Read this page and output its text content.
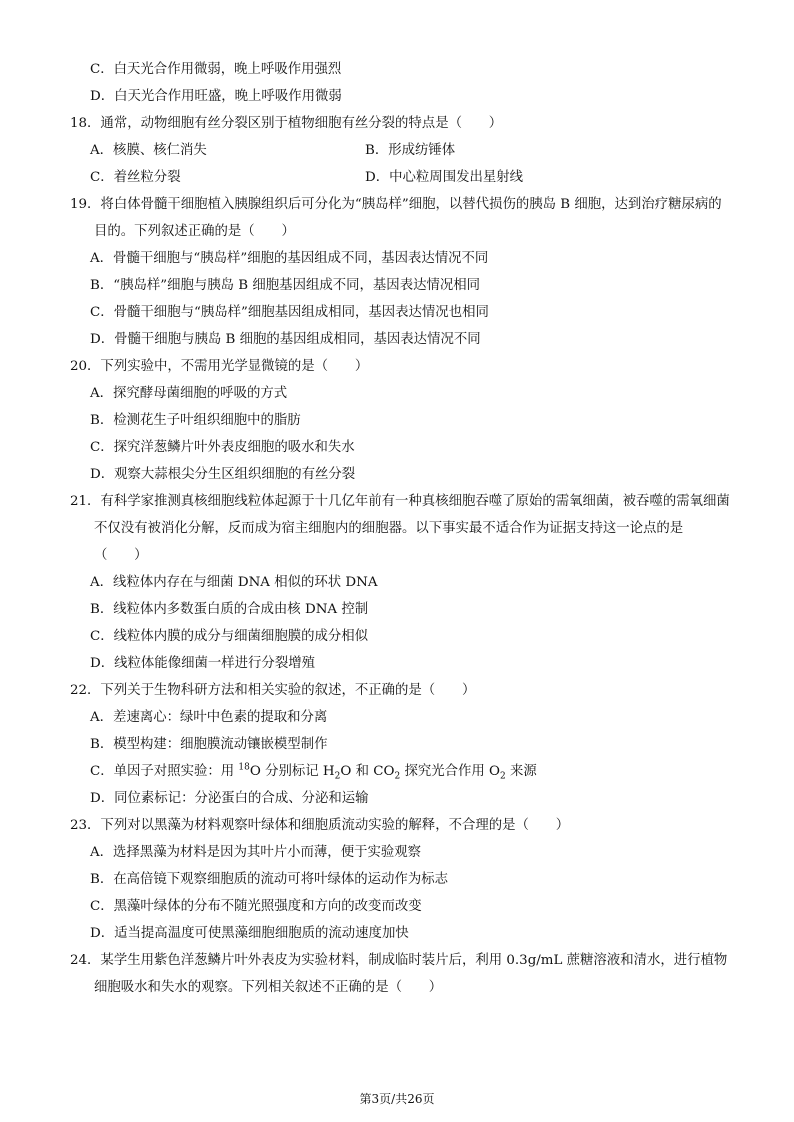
C．白天光合作用微弱，晚上呼吸作用强烈
D．白天光合作用旺盛，晚上呼吸作用微弱
18．通常，动物细胞有丝分裂区别于植物细胞有丝分裂的特点是（　　）
A．核膜、核仁消失	B．形成纺锤体
C．着丝粒分裂	D．中心粒周围发出星射线
19．将白体骨髓干细胞植入胰腺组织后可分化为“胰岛样”细胞，以替代损伤的胰岛 B 细胞，达到治疗糖尿病的目的。下列叙述正确的是（　　）
A．骨髓干细胞与“胰岛样”细胞的基因组成不同，基因表达情况不同
B．“胰岛样”细胞与胰岛 B 细胞基因组成不同，基因表达情况相同
C．骨髓干细胞与“胰岛样”细胞基因组成相同，基因表达情况也相同
D．骨髓干细胞与胰岛 B 细胞的基因组成相同，基因表达情况不同
20．下列实验中，不需用光学显微镜的是（　　）
A．探究酵母菌细胞的呼吸的方式
B．检测花生子叶组织细胞中的脂肪
C．探究洋葱鳞片叶外表皮细胞的吸水和失水
D．观察大蒜根尖分生区组织细胞的有丝分裂
21．有科学家推测真核细胞线粒体起源于十几亿年前有一种真核细胞吞噬了原始的需氧细菌，被吞噬的需氧细菌不仅没有被消化分解，反而成为宿主细胞内的细胞器。以下事实最不适合作为证据支持这一论点的是（　　）
A．线粒体内存在与细菌 DNA 相似的环状 DNA
B．线粒体内多数蛋白质的合成由核 DNA 控制
C．线粒体内膜的成分与细菌细胞膜的成分相似
D．线粒体能像细菌一样进行分裂增殖
22．下列关于生物科研方法和相关实验的叙述，不正确的是（　　）
A．差速离心：绿叶中色素的提取和分离
B．模型构建：细胞膜流动镶嵌模型制作
C．单因子对照实验：用 $^{18}$O 分别标记 $H_2O$ 和 $CO_2$ 探究光合作用 $O_2$ 来源
D．同位素标记：分泌蛋白的合成、分泌和运输
23．下列对以黑藻为材料观察叶绿体和细胞质流动实验的解释，不合理的是（　　）
A．选择黑藻为材料是因为其叶片小而薄，便于实验观察
B．在高倍镜下观察细胞质的流动可将叶绿体的运动作为标志
C．黑藻叶绿体的分布不随光照强度和方向的改变而改变
D．适当提高温度可使黑藻细胞细胞质的流动速度加快
24．某学生用紫色洋葱鳞片叶外表皮为实验材料，制成临时装片后，利用 0.3g/mL 蔗糖溶液和清水，进行植物细胞吸水和失水的观察。下列相关叙述不正确的是（　　）
第3页/共26页
